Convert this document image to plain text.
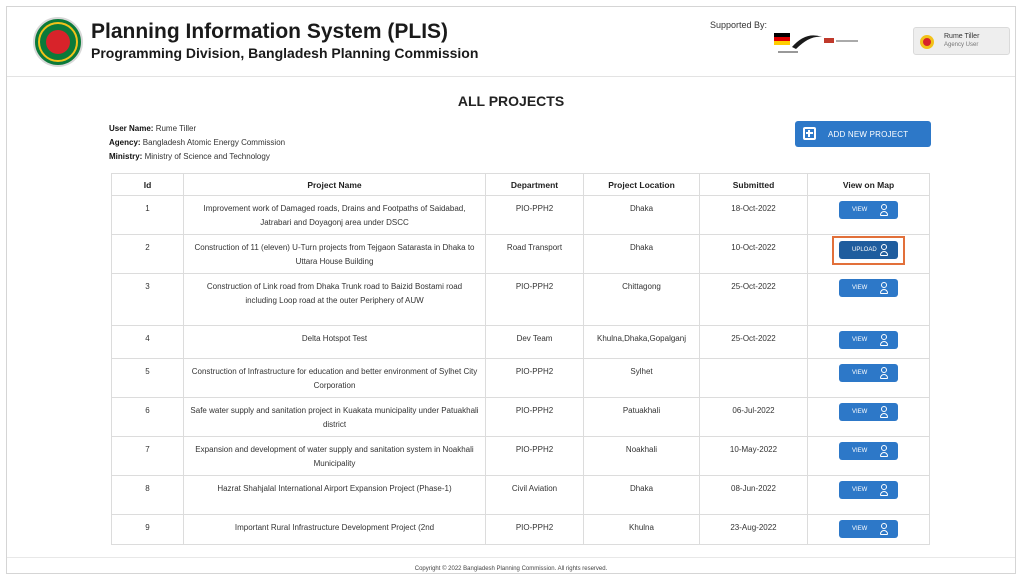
Planning Information System (PLIS)
Programming Division, Bangladesh Planning Commission
Supported By:
Rume Tiller
Agency User
ALL PROJECTS
User Name: Rume Tiller
Agency: Bangladesh Atomic Energy Commission
Ministry: Ministry of Science and Technology
ADD NEW PROJECT
Id	Project Name	Department	Project Location	Submitted	View on Map
1	Improvement work of Damaged roads, Drains and Footpaths of Saidabad, Jatrabari and Doyagonj area under DSCC	PIO-PPH2	Dhaka	18-Oct-2022	VIEW

2	Construction of 11 (eleven) U-Turn projects from Tejgaon Satarasta in Dhaka to Uttara House Building	Road Transport	Dhaka	10-Oct-2022	UPLOAD

3	Construction of Link road from Dhaka Trunk road to Baizid Bostami road including Loop road at the outer Periphery of AUW	PIO-PPH2	Chittagong	25-Oct-2022	VIEW

4	Delta Hotspot Test	Dev Team	Khulna,Dhaka,Gopalganj	25-Oct-2022	VIEW

5	Construction of Infrastructure for education and better environment of Sylhet City Corporation	PIO-PPH2	Sylhet		VIEW

6	Safe water supply and sanitation project in Kuakata municipality under Patuakhali district	PIO-PPH2	Patuakhali	06-Jul-2022	VIEW

7	Expansion and development of water supply and sanitation system in Noakhali Municipality	PIO-PPH2	Noakhali	10-May-2022	VIEW

8	Hazrat Shahjalal International Airport Expansion Project (Phase-1)	Civil Aviation	Dhaka	08-Jun-2022	VIEW

9	Important Rural Infrastructure Development Project (2nd	PIO-PPH2	Khulna	23-Aug-2022	VIEW
Copyright © 2022 Bangladesh Planning Commission. All rights reserved.
